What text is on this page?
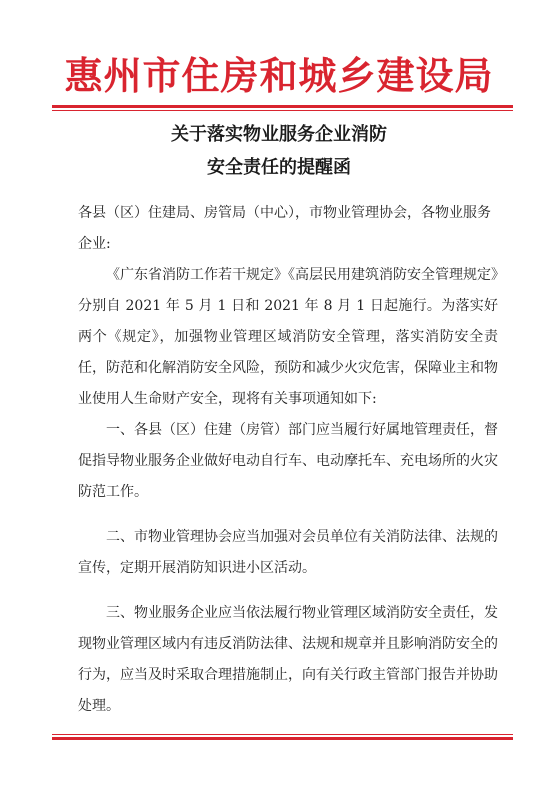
惠州市住房和城乡建设局
关于落实物业服务企业消防
安全责任的提醒函

各县（区）住建局、房管局（中心），市物业管理协会，各物业服务企业:

《广东省消防工作若干规定》《高层民用建筑消防安全管理规定》分别自 2021 年 5 月 1 日和 2021 年 8 月 1 日起施行。为落实好两个《规定》，加强物业管理区域消防安全管理，落实消防安全责任，防范和化解消防安全风险，预防和减少火灾危害，保障业主和物业使用人生命财产安全，现将有关事项通知如下:

一、各县（区）住建（房管）部门应当履行好属地管理责任，督促指导物业服务企业做好电动自行车、电动摩托车、充电场所的火灾防范工作。

二、市物业管理协会应当加强对会员单位有关消防法律、法规的宣传，定期开展消防知识进小区活动。

三、物业服务企业应当依法履行物业管理区域消防安全责任，发现物业管理区域内有违反消防法律、法规和规章并且影响消防安全的行为，应当及时采取合理措施制止，向有关行政主管部门报告并协助处理。
